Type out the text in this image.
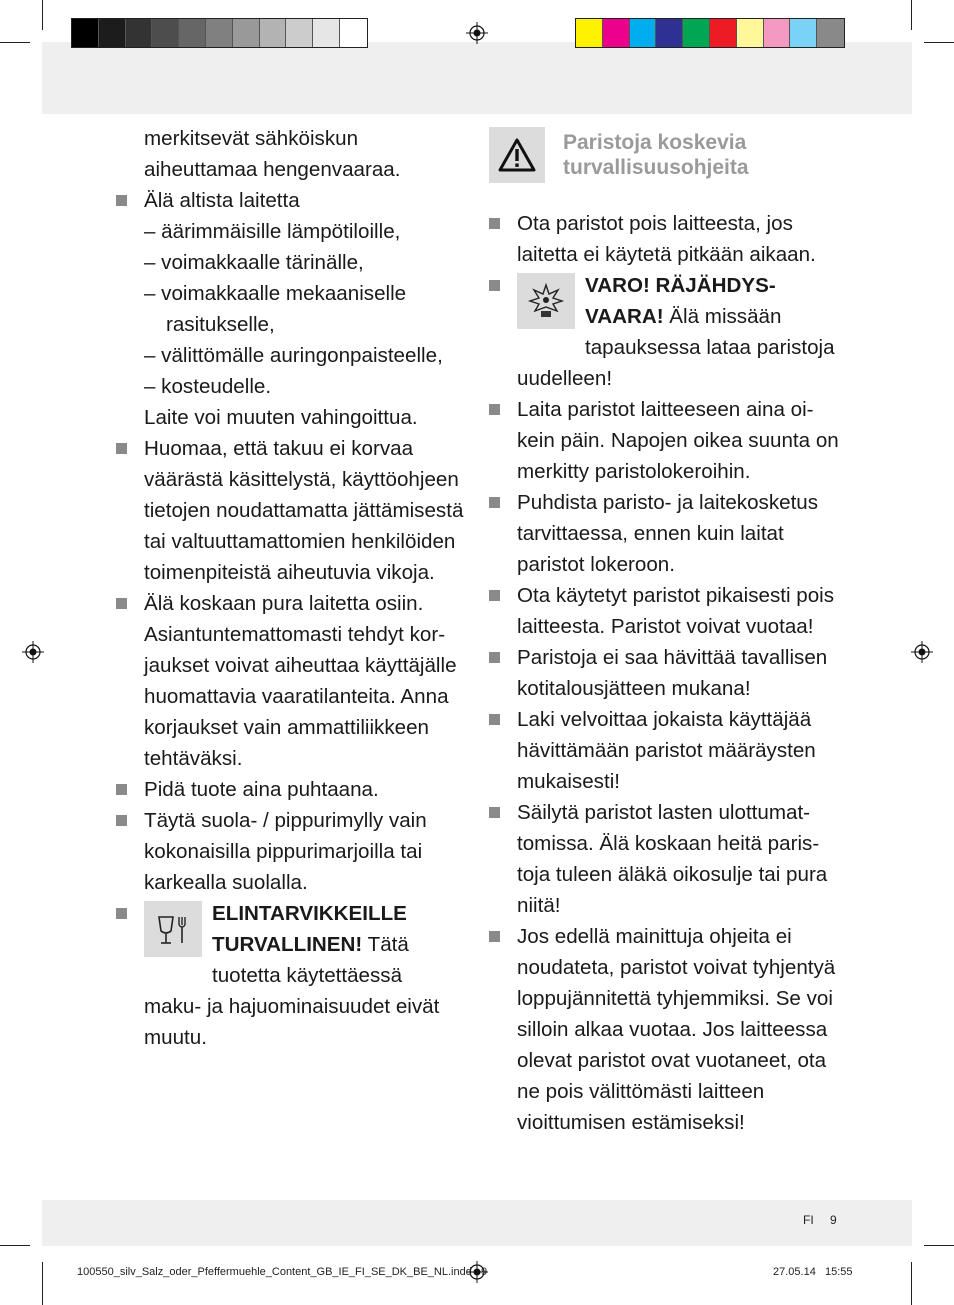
merkitsevät sähköiskun aiheuttamaa hengenvaaraa.

Älä altista laitetta

– äärimmäisille lämpötiloille,

– voimakkaalle tärinälle,

– voimakkaalle mekaaniselle rasitukselle,

– välittömälle auringonpaisteelle,

– kosteudelle.

Laite voi muuten vahingoittua.

Huomaa, että takuu ei korvaa väärästä käsittelystä, käyttöohjeen tietojen noudattamatta jättämisestä tai valtuuttamattomien henkilöiden toimenpiteistä aiheutuvia vikoja.

Älä koskaan pura laitetta osiin. Asiantuntemattomasti tehdyt korjaukset voivat aiheuttaa käyttäjälle huomattavia vaaratilanteita. Anna korjaukset vain ammattiliikkeen tehtäväksi.

Pidä tuote aina puhtaana.

Täytä suola- / pippurimylly vain kokonaisilla pippurimarjoilla tai karkealla suolalla.

ELINTARVIKKEILLE TURVALLINEN! Tätä tuotetta käytettäessä maku- ja hajuominaisuudet eivät muutu.

Paristoja koskevia turvallisuusohjeita

Ota paristot pois laitteesta, jos laitetta ei käytetä pitkään aikaan.

VARO! RÄJÄHDYSVAARA! Älä missään tapauksessa lataa paristoja uudelleen!

Laita paristot laitteeseen aina oikein päin. Napojen oikea suunta on merkitty paristolokeroihin.

Puhdista paristo- ja laitekosketus tarvittaessa, ennen kuin laitat paristot lokeroon.

Ota käytetyt paristot pikaisesti pois laitteesta. Paristot voivat vuotaa!

Paristoja ei saa hävittää tavallisen kotitalousjätteen mukana!

Laki velvoittaa jokaista käyttäjää hävittämään paristot määräysten mukaisesti!

Säilytä paristot lasten ulottumattomissa. Älä koskaan heitä paristoja tuleen äläkä oikosulje tai pura niitä!

Jos edellä mainittuja ohjeita ei noudateta, paristot voivat tyhjentyä loppujännitettä tyhjemmiksi. Se voi silloin alkaa vuotaa. Jos laitteessa olevat paristot ovat vuotaneet, ota ne pois välittömästi laitteen vioittumisen estämiseksi!

FI 9
100550_silv_Salz_oder_Pfeffermuehle_Content_GB_IE_FI_SE_DK_BE_NL.indd   9	27.05.14   15:55
